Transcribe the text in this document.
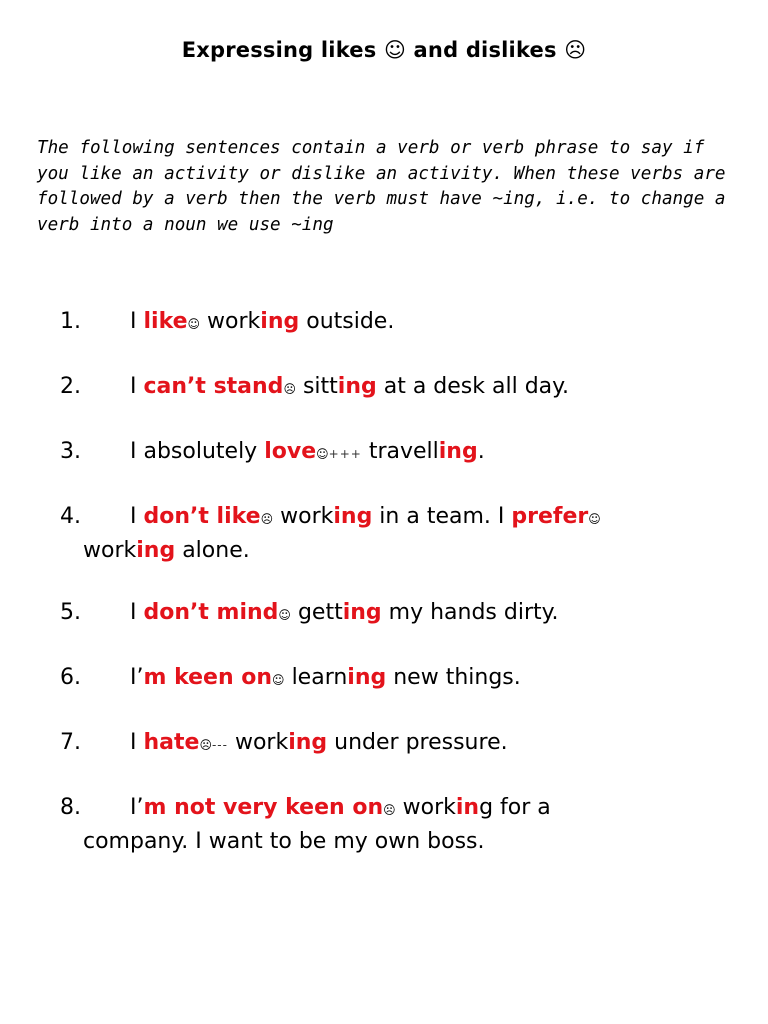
Expressing likes ☺ and dislikes ☹
The following sentences contain a verb or verb phrase to say if you like an activity or dislike an activity. When these verbs are followed by a verb then the verb must have ~ing, i.e. to change a verb into a noun we use ~ing
1. I like☺ working outside.
2. I can’t stand☹ sitting at a desk all day.
3. I absolutely love☺+++ travelling.
4. I don’t like☹ working in a team. I prefer☺
working alone.
5. I don’t mind☺ getting my hands dirty.
6. I’m keen on☺ learning new things.
7. I hate☹--- working under pressure.
8. I’m not very keen on☹ working for a
company. I want to be my own boss.
